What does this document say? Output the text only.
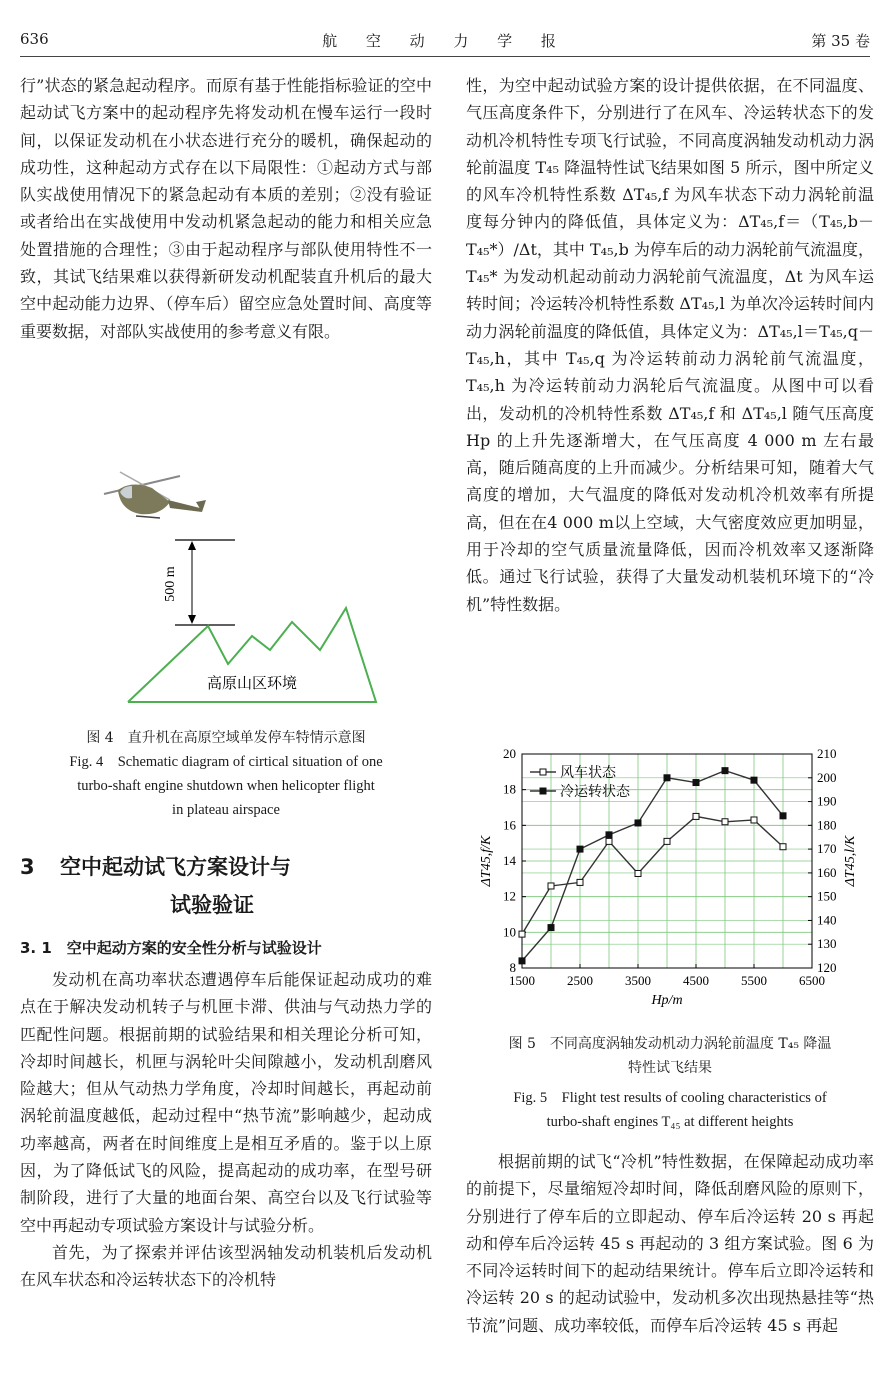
636	航 空 动 力 学 报	第 35 卷

行”状态的紧急起动程序。而原有基于性能指标验证的空中起动试飞方案中的起动程序先将发动机在慢车运行一段时间，以保证发动机在小状态进行充分的暖机，确保起动的成功性，这种起动方式存在以下局限性：①起动方式与部队实战使用情况下的紧急起动有本质的差别；②没有验证或者给出在实战使用中发动机紧急起动的能力和相关应急处置措施的合理性；③由于起动程序与部队使用特性不一致，其试飞结果难以获得新研发动机配装直升机后的最大空中起动能力边界、（停车后）留空应急处置时间、高度等重要数据，对部队实战使用的参考意义有限。

500 m
高原山区环境
图 4　直升机在高原空域单发停车特情示意图
Fig. 4　Schematic diagram of cirtical situation of one
turbo-shaft engine shutdown when helicopter flight
in plateau airspace
3 空中起动试飞方案设计与
试验验证
3. 1　空中起动方案的安全性分析与试验设计

发动机在高功率状态遭遇停车后能保证起动成功的难点在于解决发动机转子与机匣卡滞、供油与气动热力学的匹配性问题。根据前期的试验结果和相关理论分析可知，冷却时间越长，机匣与涡轮叶尖间隙越小，发动机刮磨风险越大；但从气动热力学角度，冷却时间越长，再起动前涡轮前温度越低，起动过程中“热节流”影响越少，起动成功率越高，两者在时间维度上是相互矛盾的。鉴于以上原因，为了降低试飞的风险，提高起动的成功率，在型号研制阶段，进行了大量的地面台架、高空台以及飞行试验等空中再起动专项试验方案设计与试验分析。

首先，为了探索并评估该型涡轴发动机装机后发动机在风车状态和冷运转状态下的冷机特

性，为空中起动试验方案的设计提供依据，在不同温度、气压高度条件下，分别进行了在风车、冷运转状态下的发动机冷机特性专项飞行试验，不同高度涡轴发动机动力涡轮前温度 T₄₅ 降温特性试飞结果如图 5 所示，图中所定义的风车冷机特性系数 ΔT₄₅,f 为风车状态下动力涡轮前温度每分钟内的降低值，具体定义为：ΔT₄₅,f＝（T₄₅,b－T₄₅*）/Δt，其中 T₄₅,b 为停车后的动力涡轮前气流温度，T₄₅* 为发动机起动前动力涡轮前气流温度，Δt 为风车运转时间；冷运转冷机特性系数 ΔT₄₅,l 为单次冷运转时间内动力涡轮前温度的降低值，具体定义为：ΔT₄₅,l＝T₄₅,q－T₄₅,h，其中 T₄₅,q 为冷运转前动力涡轮前气流温度，T₄₅,h 为冷运转前动力涡轮后气流温度。从图中可以看出，发动机的冷机特性系数 ΔT₄₅,f 和 ΔT₄₅,l 随气压高度 Hp 的上升先逐渐增大，在气压高度 4 000 m 左右最高，随后随高度的上升而减少。分析结果可知，随着大气高度的增加，大气温度的降低对发动机冷机效率有所提高，但在在4 000 m以上空域，大气密度效应更加明显，用于冷却的空气质量流量降低，因而冷机效率又逐渐降低。通过飞行试验，获得了大量发动机装机环境下的“冷机”特性数据。

1500 2500 3500 4500 5500 6500
8
10
12
14
16
18
20
120
130
140
150
160
170
180
190
200
210
Hp/m
ΔT45,f/K	ΔT45,l/K
风车状态
冷运转状态
图 5　不同高度涡轴发动机动力涡轮前温度 T₄₅ 降温
特性试飞结果
Fig. 5　Flight test results of cooling characteristics of
turbo-shaft engines T₄₅ at different heights

根据前期的试飞“冷机”特性数据，在保障起动成功率的前提下，尽量缩短冷却时间，降低刮磨风险的原则下，分别进行了停车后的立即起动、停车后冷运转 20 s 再起动和停车后冷运转 45 s 再起动的 3 组方案试验。图 6 为不同冷运转时间下的起动结果统计。停车后立即冷运转和冷运转 20 s 的起动试验中，发动机多次出现热悬挂等“热节流”问题、成功率较低，而停车后冷运转 45 s 再起
